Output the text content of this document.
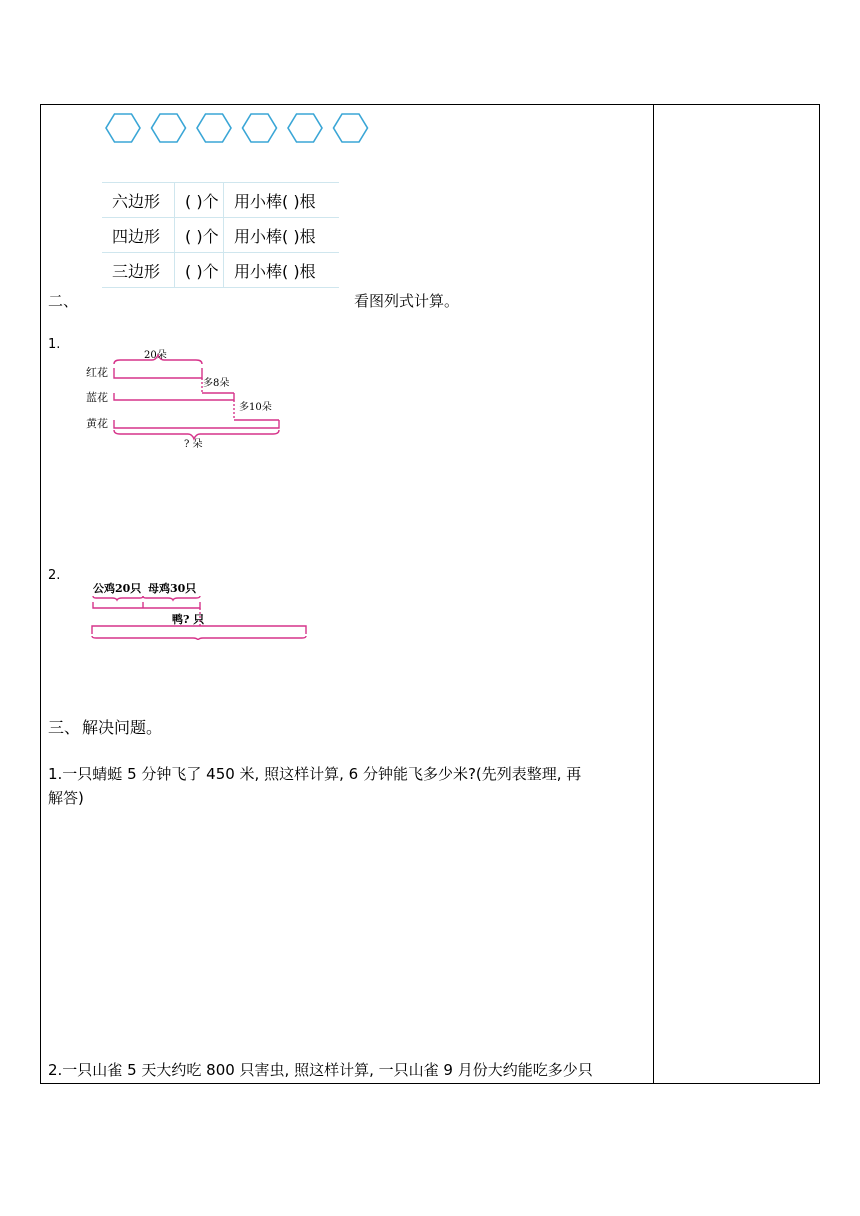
六边形	( )个	用小棒( )根
四边形	( )个	用小棒( )根
三边形	( )个	用小棒( )根
二、	看图列式计算。
1.
红花
蓝花
黄花
20朵
多8朵
多10朵
? 朵
2.
公鸡20只 母鸡30只
鸭? 只
三、 解决问题。
1.一只蜻蜓 5 分钟飞了 450 米, 照这样计算, 6 分钟能飞多少米?(先列表整理, 再
解答)
2.一只山雀 5 天大约吃 800 只害虫, 照这样计算, 一只山雀 9 月份大约能吃多少只
